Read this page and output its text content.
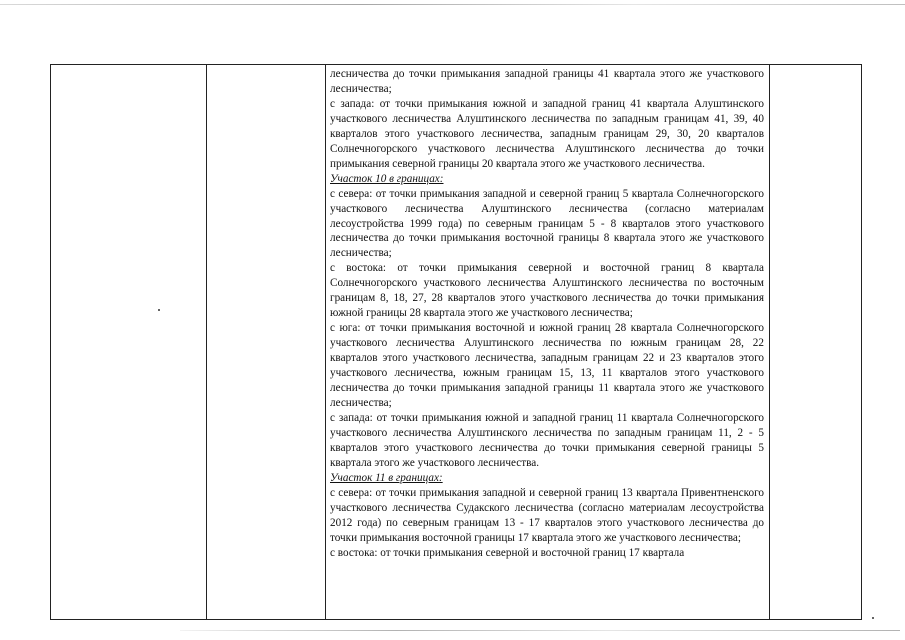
лесничества до точки примыкания западной границы 41 квартала этого же участкового лесничества;

с запада: от точки примыкания южной и западной границ 41 квартала Алуштинского участкового лесничества Алуштинского лесничества по западным границам 41, 39, 40 кварталов этого участкового лесничества, западным границам 29, 30, 20 кварталов Солнечногорского участкового лесничества Алуштинского лесничества до точки примыкания северной границы 20 квартала этого же участкового лесничества.

Участок 10 в границах:

с севера: от точки примыкания западной и северной границ 5 квартала Солнечногорского участкового лесничества Алуштинского лесничества (согласно материалам лесоустройства 1999 года) по северным границам 5 - 8 кварталов этого участкового лесничества до точки примыкания восточной границы 8 квартала этого же участкового лесничества;

с востока: от точки примыкания северной и восточной границ 8 квартала Солнечногорского участкового лесничества Алуштинского лесничества по восточным границам 8, 18, 27, 28 кварталов этого участкового лесничества до точки примыкания южной границы 28 квартала этого же участкового лесничества;

с юга: от точки примыкания восточной и южной границ 28 квартала Солнечногорского участкового лесничества Алуштинского лесничества по южным границам 28, 22 кварталов этого участкового лесничества, западным границам 22 и 23 кварталов этого участкового лесничества, южным границам 15, 13, 11 кварталов этого участкового лесничества до точки примыкания западной границы 11 квартала этого же участкового лесничества;

с запада: от точки примыкания южной и западной границ 11 квартала Солнечногорского участкового лесничества Алуштинского лесничества по западным границам 11, 2 - 5 кварталов этого участкового лесничества до точки примыкания северной границы 5 квартала этого же участкового лесничества.

Участок 11 в границах:

с севера: от точки примыкания западной и северной границ 13 квартала Привентненского участкового лесничества Судакского лесничества (согласно материалам лесоустройства 2012 года) по северным границам 13 - 17 кварталов этого участкового лесничества до точки примыкания восточной границы 17 квартала этого же участкового лесничества;

с востока: от точки примыкания северной и восточной границ 17 квартала
